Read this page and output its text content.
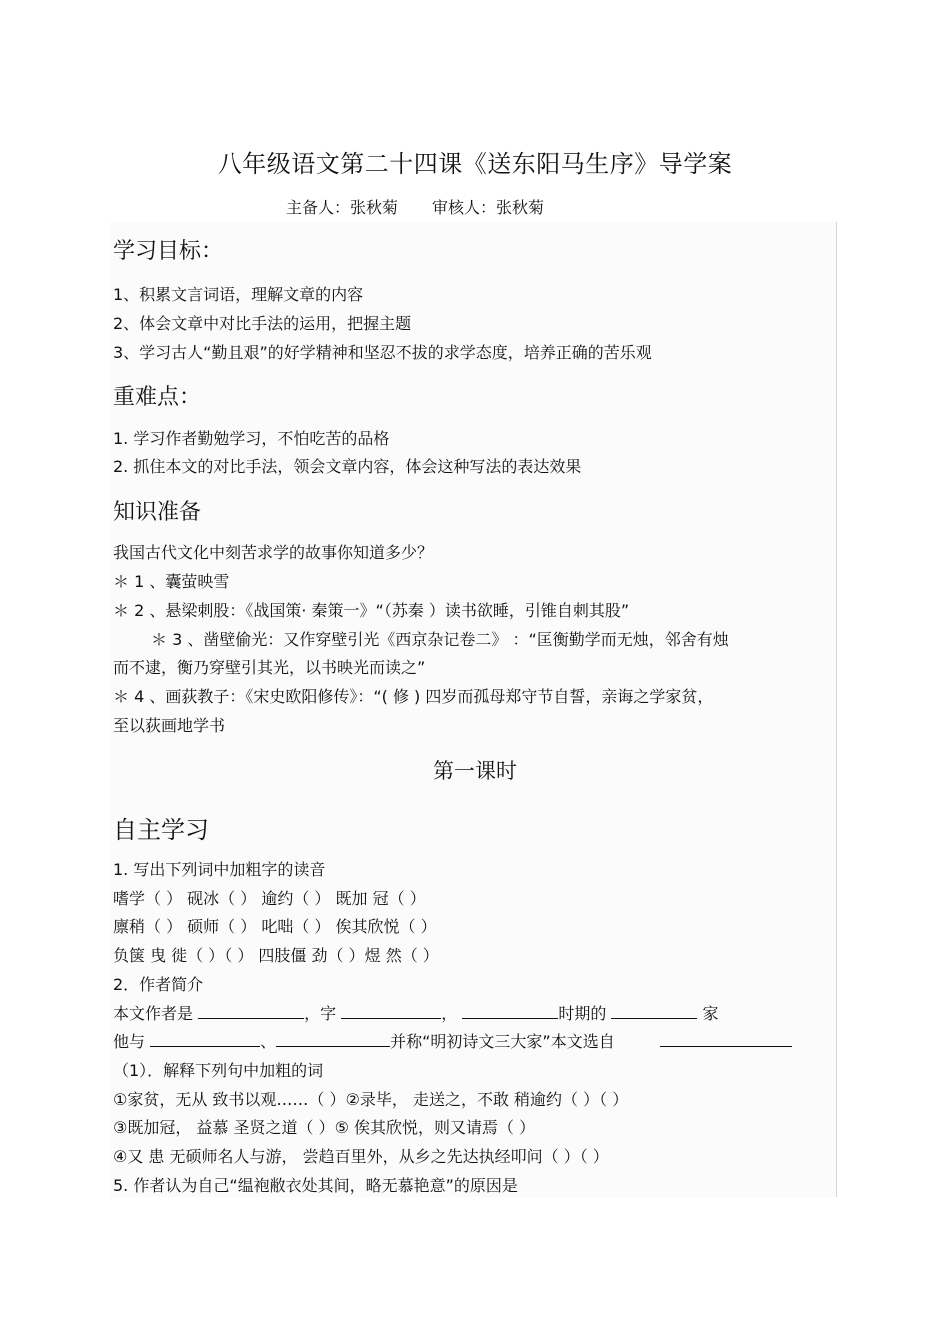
八年级语文第二十四课《送东阳马生序》导学案
主备人：张秋菊 审核人：张秋菊
学习目标：
1、积累文言词语，理解文章的内容
2、体会文章中对比手法的运用，把握主题
3、学习古人“勤且艰”的好学精神和坚忍不拔的求学态度，培养正确的苦乐观
重难点：
1. 学习作者勤勉学习，不怕吃苦的品格
2. 抓住本文的对比手法，领会文章内容，体会这种写法的表达效果
知识准备
我国古代文化中刻苦求学的故事你知道多少？
＊ 1 、囊萤映雪
＊ 2 、悬梁刺股：《战国策· 秦策一》“（苏秦 ）读书欲睡，引锥自刺其股”
＊ 3 、凿壁偷光：又作穿壁引光《西京杂记卷二》 ：“匡衡勤学而无烛，邻舍有烛
而不逮，衡乃穿壁引其光，以书映光而读之”
＊ 4 、画荻教子：《宋史欧阳修传》：“( 修 ) 四岁而孤母郑守节自誓，亲诲之学家贫，
至以荻画地学书
第一课时
自主学习
1. 写出下列词中加粗字的读音
嗜学（ ） 砚冰（ ） 逾约（ ） 既加 冠（ ）
廪稍（ ） 硕师（ ） 叱咄（ ） 俟其欣悦（ ）
负箧 曳 徙（ ）（ ） 四肢僵 劲（ ）煜 然（ ）
2．作者简介
本文作者是	，字	，	时期的	家
他与	、	并称“明初诗文三大家”本文选自
（1）．解释下列句中加粗的词
①家贫，无从 致书以观……（ ）②录毕， 走送之，不敢 稍逾约（ ）（ ）
③既加冠， 益慕 圣贤之道（ ）⑤ 俟其欣悦，则又请焉（ ）
④又 患 无硕师名人与游， 尝趋百里外，从乡之先达执经叩问（ ）（ ）
5. 作者认为自己“缊袍敝衣处其间，略无慕艳意”的原因是
